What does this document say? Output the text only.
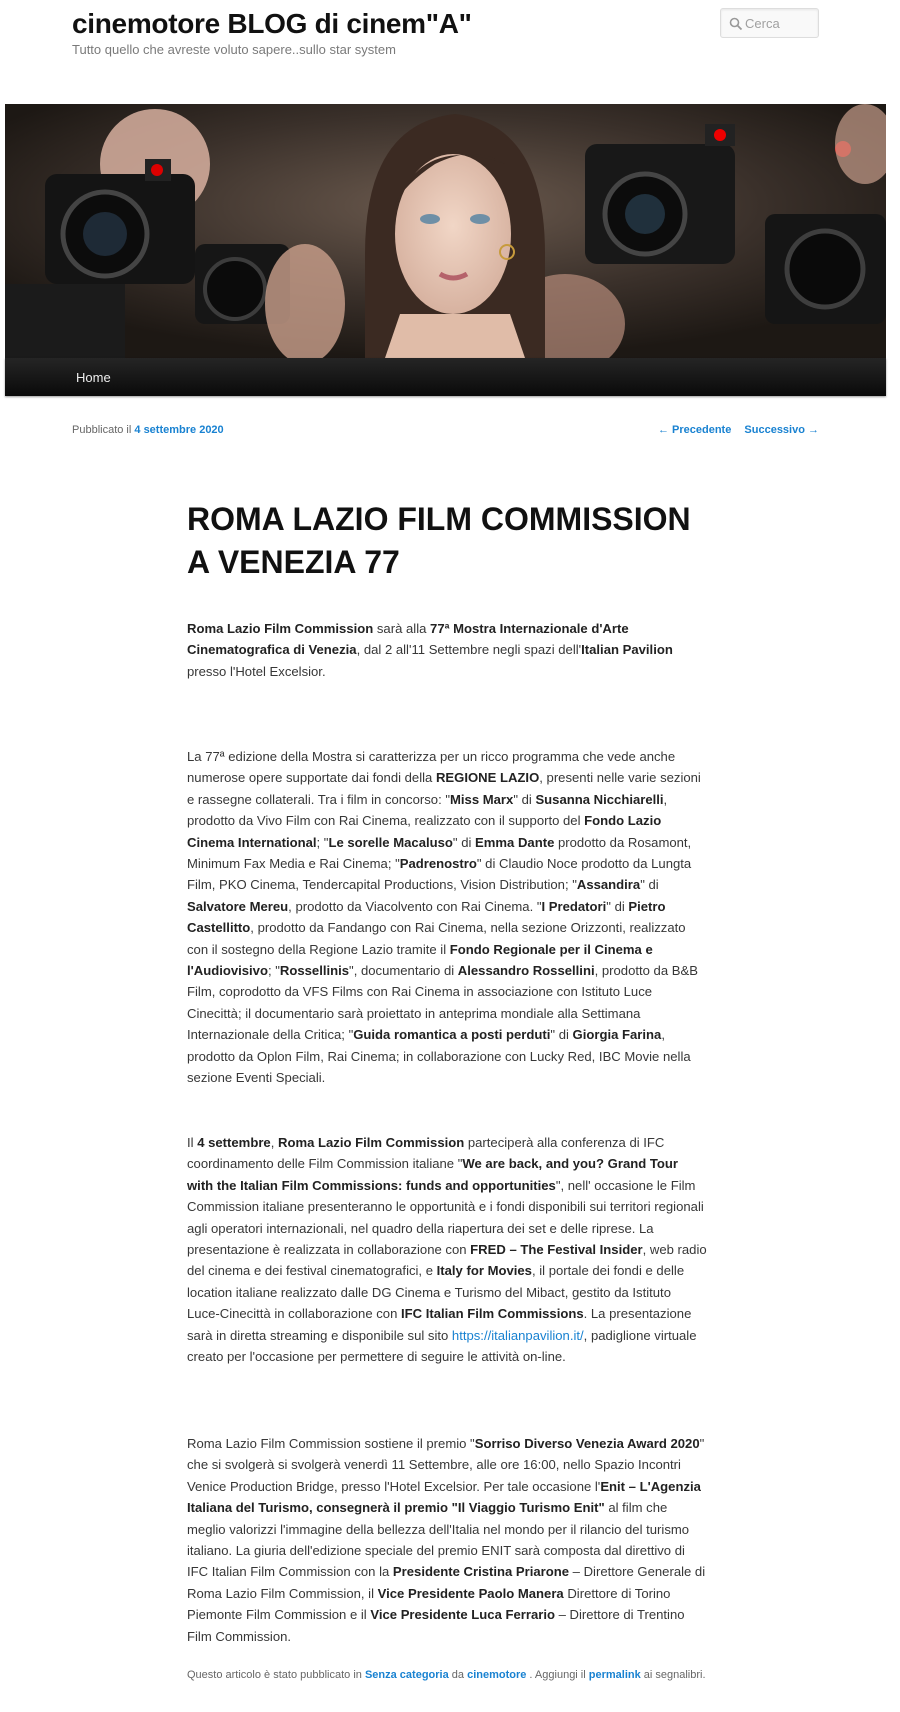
cinemotore BLOG di cinem"A"
Tutto quello che avreste voluto sapere..sullo star system
Cerca
Home
Pubblicato il 4 settembre 2020	← Precedente Successivo →
ROMA LAZIO FILM COMMISSION A VENEZIA 77

Roma Lazio Film Commission sarà alla 77ª Mostra Internazionale d'Arte Cinematografica di Venezia, dal 2 all'11 Settembre negli spazi dell'Italian Pavilion presso l'Hotel Excelsior.

La 77ª edizione della Mostra si caratterizza per un ricco programma che vede anche numerose opere supportate dai fondi della REGIONE LAZIO, presenti nelle varie sezioni e rassegne collaterali. Tra i film in concorso: "Miss Marx" di Susanna Nicchiarelli, prodotto da Vivo Film con Rai Cinema, realizzato con il supporto del Fondo Lazio Cinema International; "Le sorelle Macaluso" di Emma Dante prodotto da Rosamont, Minimum Fax Media e Rai Cinema; "Padrenostro" di Claudio Noce prodotto da Lungta Film, PKO Cinema, Tendercapital Productions, Vision Distribution; "Assandira" di Salvatore Mereu, prodotto da Viacolvento con Rai Cinema. "I Predatori" di Pietro Castellitto, prodotto da Fandango con Rai Cinema, nella sezione Orizzonti, realizzato con il sostegno della Regione Lazio tramite il Fondo Regionale per il Cinema e l'Audiovisivo; "Rossellinis", documentario di Alessandro Rossellini, prodotto da B&B Film, coprodotto da VFS Films con Rai Cinema in associazione con Istituto Luce Cinecittà; il documentario sarà proiettato in anteprima mondiale alla Settimana Internazionale della Critica; "Guida romantica a posti perduti" di Giorgia Farina, prodotto da Oplon Film, Rai Cinema; in collaborazione con Lucky Red, IBC Movie nella sezione Eventi Speciali.

Il 4 settembre, Roma Lazio Film Commission parteciperà alla conferenza di IFC coordinamento delle Film Commission italiane "We are back, and you? Grand Tour with the Italian Film Commissions: funds and opportunities", nell' occasione le Film Commission italiane presenteranno le opportunità e i fondi disponibili sui territori regionali agli operatori internazionali, nel quadro della riapertura dei set e delle riprese. La presentazione è realizzata in collaborazione con FRED – The Festival Insider, web radio del cinema e dei festival cinematografici, e Italy for Movies, il portale dei fondi e delle location italiane realizzato dalle DG Cinema e Turismo del Mibact, gestito da Istituto Luce-Cinecittà in collaborazione con IFC Italian Film Commissions. La presentazione sarà in diretta streaming e disponibile sul sito https://italianpavilion.it/, padiglione virtuale creato per l'occasione per permettere di seguire le attività on-line.

Roma Lazio Film Commission sostiene il premio "Sorriso Diverso Venezia Award 2020" che si svolgerà si svolgerà venerdì 11 Settembre, alle ore 16:00, nello Spazio Incontri Venice Production Bridge, presso l'Hotel Excelsior. Per tale occasione l'Enit – L'Agenzia Italiana del Turismo, consegnerà il premio "Il Viaggio Turismo Enit" al film che meglio valorizzi l'immagine della bellezza dell'Italia nel mondo per il rilancio del turismo italiano. La giuria dell'edizione speciale del premio ENIT sarà composta dal direttivo di IFC Italian Film Commission con la Presidente Cristina Priarone – Direttore Generale di Roma Lazio Film Commission, il Vice Presidente Paolo Manera Direttore di Torino Piemonte Film Commission e il Vice Presidente Luca Ferrario – Direttore di Trentino Film Commission.

Questo articolo è stato pubblicato in Senza categoria da cinemotore . Aggiungi il permalink ai segnalibri.
